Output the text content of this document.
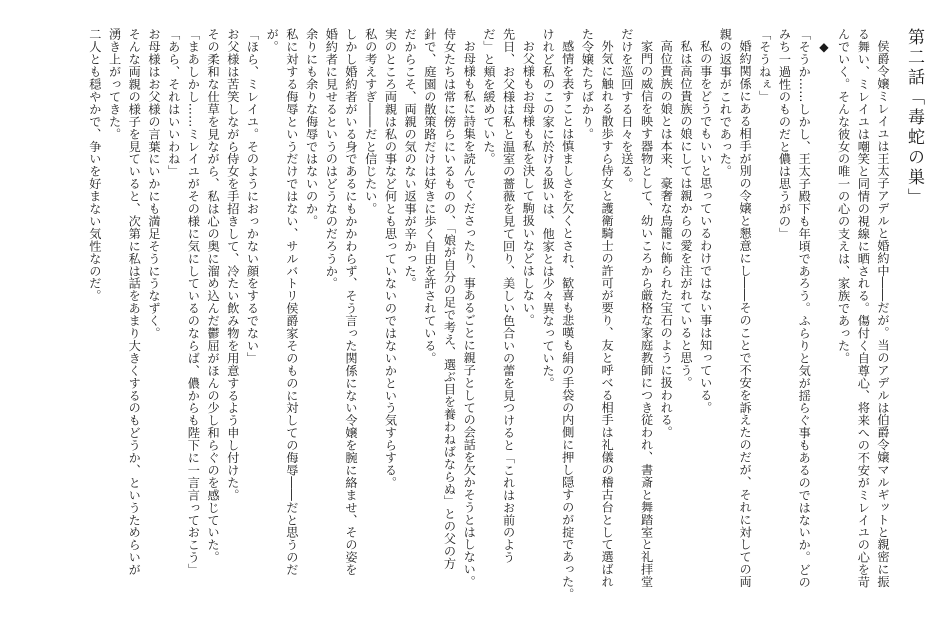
第二話「毒蛇の巣」
侯爵令嬢ミレイユは王太子アデルと婚約中――だが。当のアデルは伯爵令嬢マルギットと親密に振
る舞い、ミレイユは嘲笑と同情の視線に晒される。傷付く自尊心、将来への不安がミレイユの心を苛
んでいく。そんな彼女の唯一の心の支えは、家族であった。
◆
「そうか……しかし、王太子殿下も年頃であろう。ふらりと気が揺らぐ事もあるのではないか。どの
みち一過性のものだと儂は思うがの」
「そうねぇ」
婚約関係にある相手が別の令嬢と懇意にし――そのことで不安を訴えたのだが、それに対しての両
親の返事がこれであった。
私の事をどうでもいいと思っているわけではない事は知っている。
私は高位貴族の娘にしては親からの愛を注がれていると思う。
高位貴族の娘とは本来、豪奢な鳥籠に飾られた宝石のように扱われる。
家門の威信を映す器物として、幼いころから厳格な家庭教師につき従われ、書斎と舞踏室と礼拝堂
だけを巡回する日々を送る。
外気に触れる散歩すら侍女と護衛騎士の許可が要り、友と呼べる相手は礼儀の稽古台として選ばれ
た令嬢たちばかり。
感情を表すことは慎ましさを欠くとされ、歓喜も悲嘆も絹の手袋の内側に押し隠すのが掟であった。
けれど私のこの家に於ける扱いは、他家とは少々異なっていた。
お父様もお母様も私を決して駒扱いなどはしない。
先日、お父様は私と温室の薔薇を見て回り、美しい色合いの蕾を見つけると「これはお前のよう
だ」と頬を緩めていた。
お母様も私に詩集を読んでくださったり、事あるごとに親子としての会話を欠かそうとはしない。
侍女たちは常に傍らにいるものの、「娘が自分の足で考え、選ぶ目を養わねばならぬ」との父の方
針で、庭園の散策路だけは好きに歩く自由を許されている。
だからこそ、両親の気のない返事が辛かった。
実のところ両親は私の事など何とも思っていないのではないかという気すらする。
私の考えすぎ――だと信じたい。
しかし婚約者がいる身であるにもかかわらず、そう言った関係にない令嬢を腕に絡ませ、その姿を
婚約者に見せるというのはどうなのだろうか。
余りにも余りな侮辱ではないのか。
私に対する侮辱というだけではない、サルバトリ侯爵家そのものに対しての侮辱――だと思うのだ
が。
「ほら、ミレイユ。そのようにおっかない顔をするでない」
お父様は苦笑しながら侍女を手招きして、冷たい飲み物を用意するよう申し付けた。
その柔和な仕草を見ながら、私は心の奥に溜め込んだ鬱屈がほんの少し和らぐのを感じていた。
「まあしかし……ミレイユがその様に気にしているのならば、儂からも陛下に一言言っておこう」
「あら、それはいいわね」
お母様はお父様の言葉にいかにも満足そうにうなずく。
そんな両親の様子を見ていると、次第に私は話をあまり大きくするのもどうか、というためらいが
湧き上がってきた。
二人とも穏やかで、争いを好まない気性なのだ。
